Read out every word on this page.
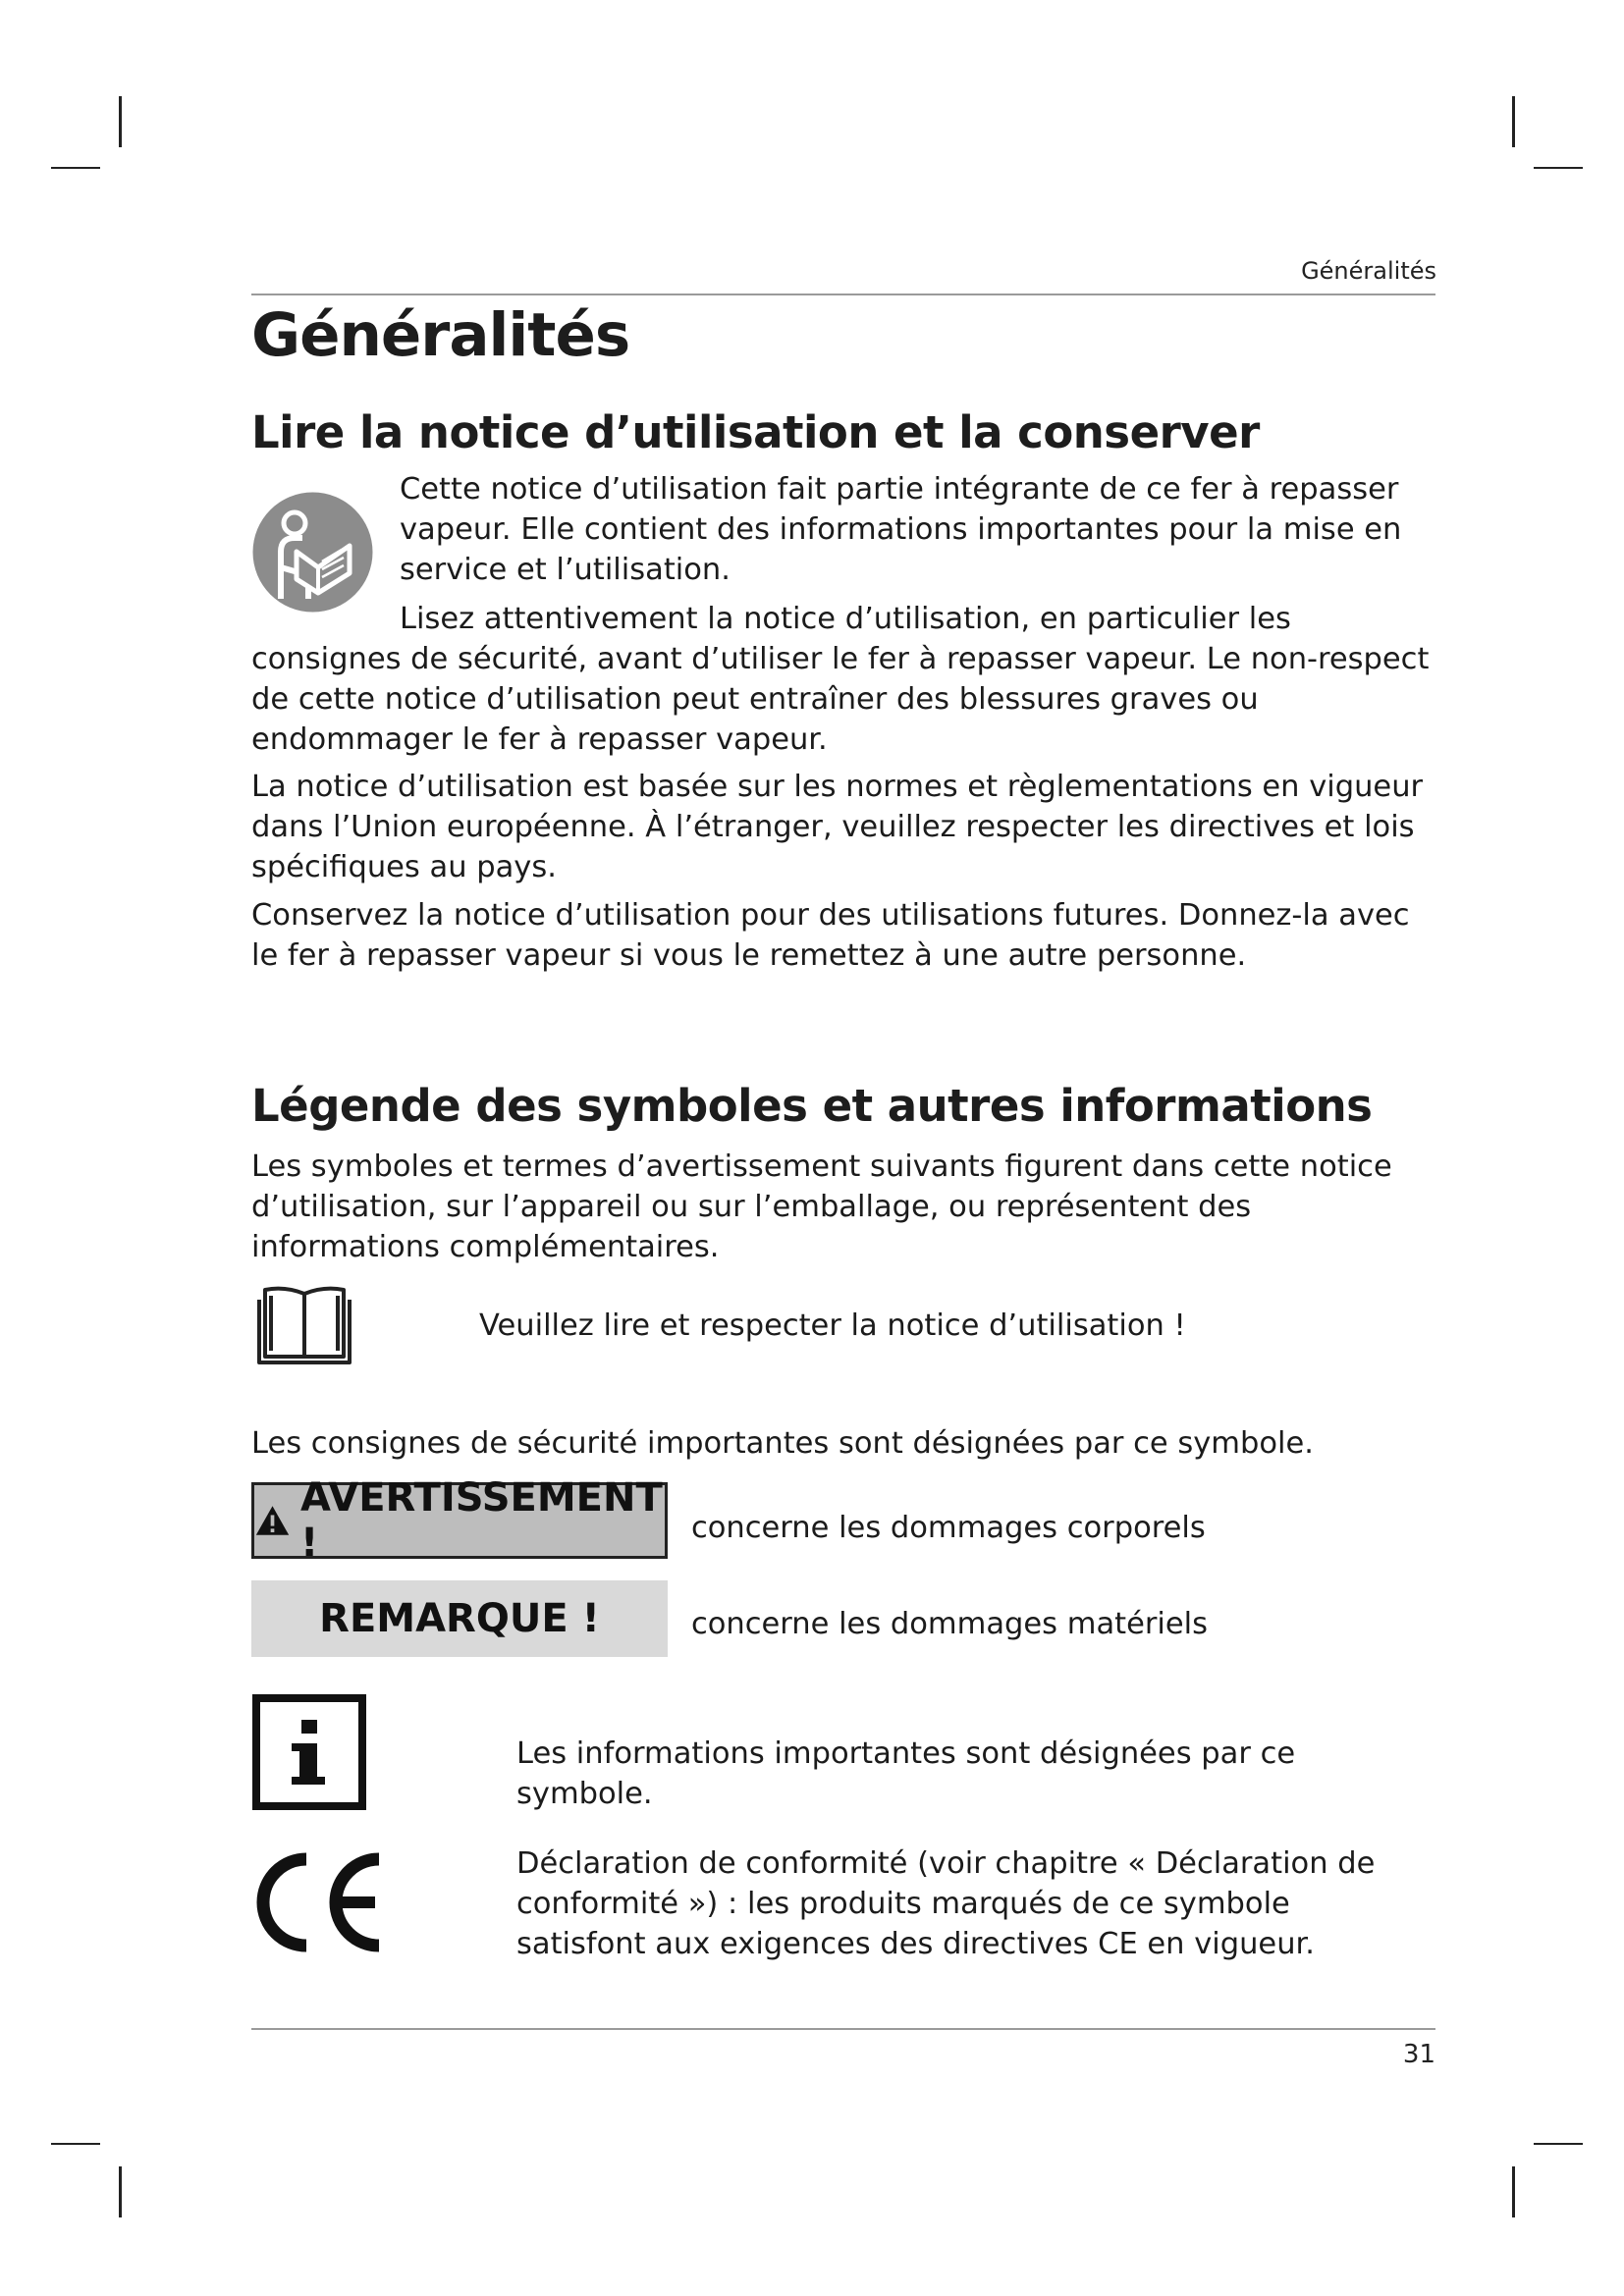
Généralités
Généralités
Lire la notice d’utilisation et la conserver

Cette notice d’utilisation fait partie intégrante de ce fer à repasser vapeur. Elle contient des informations importantes pour la mise en service et l’utilisation.

Lisez attentivement la notice d’utilisation, en particulier les consignes de sécurité, avant d’utiliser le fer à repasser vapeur. Le non-respect de cette notice d’utilisation peut entraîner des blessures graves ou endommager le fer à repasser vapeur.

La notice d’utilisation est basée sur les normes et règlementations en vigueur dans l’Union européenne. À l’étranger, veuillez respecter les directives et lois spécifiques au pays.

Conservez la notice d’utilisation pour des utilisations futures. Donnez-la avec le fer à repasser vapeur si vous le remettez à une autre personne.

Légende des symboles et autres informations

Les symboles et termes d’avertissement suivants figurent dans cette notice d’utilisation, sur l’appareil ou sur l’emballage, ou représentent des informations complémentaires.

Veuillez lire et respecter la notice d’utilisation !

Les consignes de sécurité importantes sont désignées par ce symbole.

AVERTISSEMENT !	concerne les dommages corporels

REMARQUE !	concerne les dommages matériels

Les informations importantes sont désignées par ce symbole.

Déclaration de conformité (voir chapitre « Déclaration de conformité ») : les produits marqués de ce symbole satisfont aux exigences des directives CE en vigueur.

31
